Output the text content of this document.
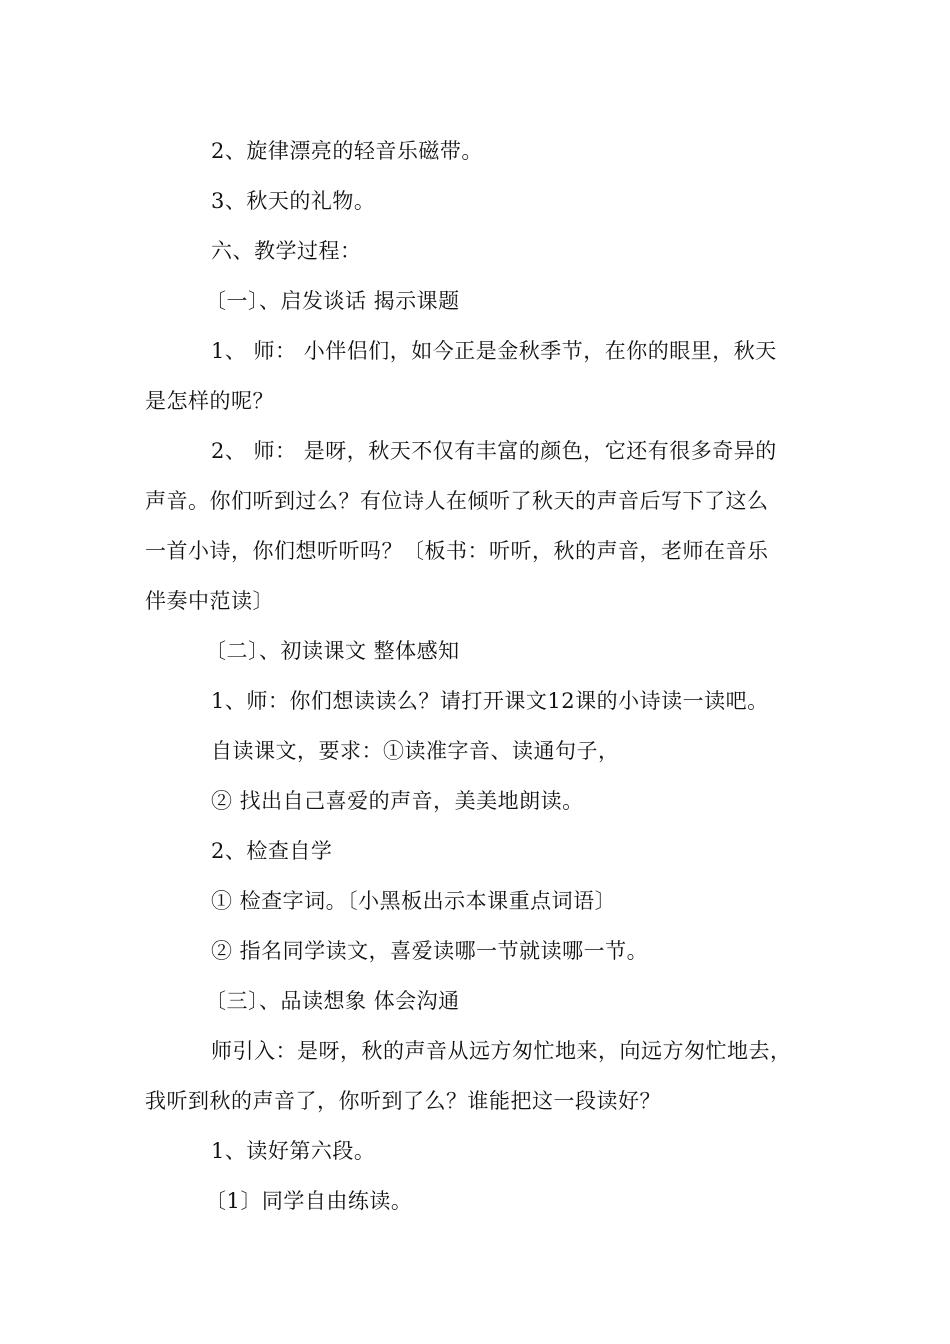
2、旋律漂亮的轻音乐磁带。
3、秋天的礼物。
六、教学过程：
〔一〕、启发谈话 揭示课题
1、 师： 小伴侣们，如今正是金秋季节，在你的眼里，秋天
是怎样的呢？
2、 师： 是呀，秋天不仅有丰富的颜色，它还有很多奇异的
声音。你们听到过么？有位诗人在倾听了秋天的声音后写下了这么
一首小诗，你们想听听吗？〔板书：听听，秋的声音，老师在音乐
伴奏中范读〕
〔二〕、初读课文 整体感知
1、师：你们想读读么？请打开课文12课的小诗读一读吧。
自读课文，要求：①读准字音、读通句子，
② 找出自己喜爱的声音，美美地朗读。
2、检查自学
① 检查字词。〔小黑板出示本课重点词语〕
② 指名同学读文，喜爱读哪一节就读哪一节。
〔三〕、品读想象 体会沟通
师引入：是呀，秋的声音从远方匆忙地来，向远方匆忙地去，
我听到秋的声音了，你听到了么？谁能把这一段读好？
1、读好第六段。
〔1〕同学自由练读。
